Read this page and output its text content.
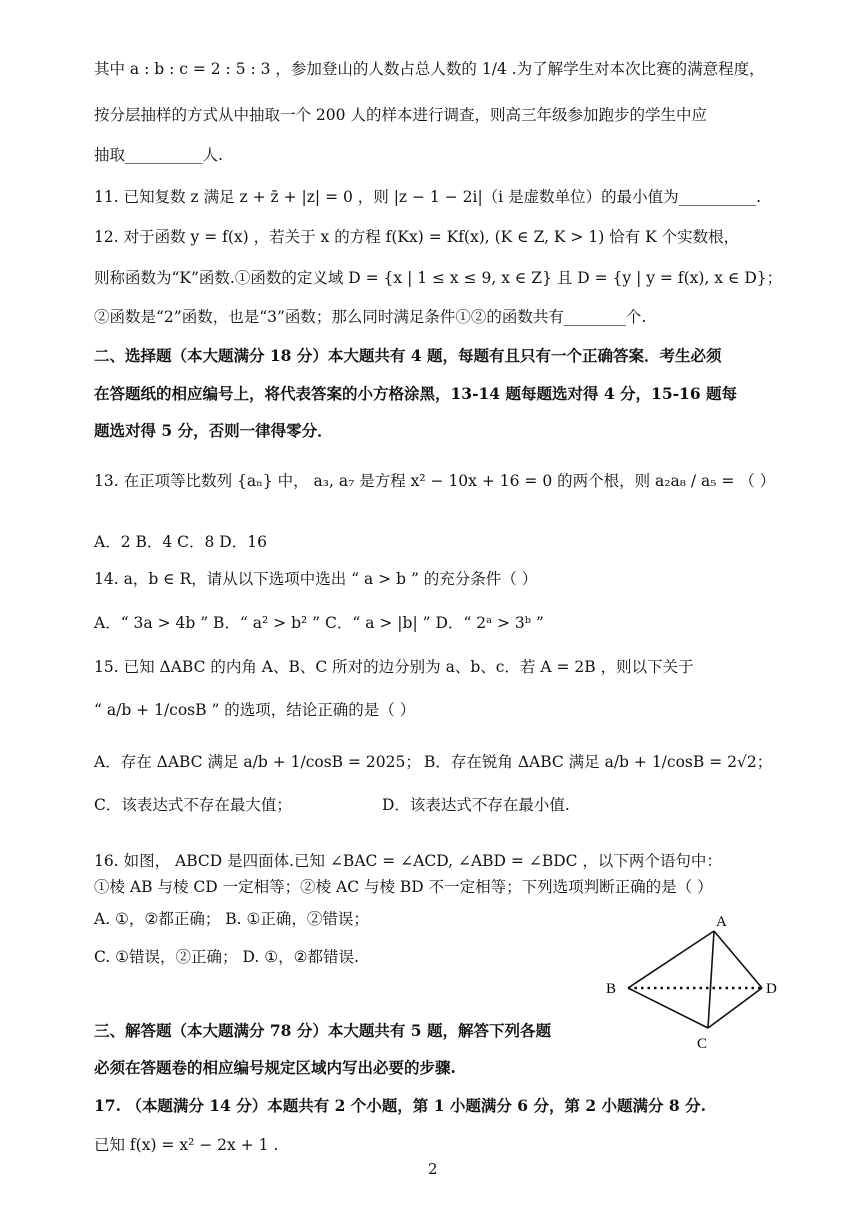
其中 a : b : c = 2 : 5 : 3 ，参加登山的人数占总人数的 1/4 .为了解学生对本次比赛的满意程度，
按分层抽样的方式从中抽取一个 200 人的样本进行调查，则高三年级参加跑步的学生中应
抽取__________人.
11. 已知复数 z 满足 z + z̄ + |z| = 0 ，则 |z − 1 − 2i|（i 是虚数单位）的最小值为__________.
12. 对于函数 y = f(x) ，若关于 x 的方程 f(Kx) = Kf(x), (K ∈ Z, K > 1) 恰有 K 个实数根，
则称函数为“K”函数.①函数的定义域 D = {x | 1 ≤ x ≤ 9, x ∈ Z} 且 D = {y | y = f(x), x ∈ D}；
②函数是“2”函数，也是“3”函数；那么同时满足条件①②的函数共有________个.
二、选择题（本大题满分 18 分）本大题共有 4 题，每题有且只有一个正确答案．考生必须
在答题纸的相应编号上，将代表答案的小方格涂黑，13-14 题每题选对得 4 分，15-16 题每
题选对得 5 分，否则一律得零分．
13. 在正项等比数列 {aₙ} 中， a₃, a₇ 是方程 x² − 10x + 16 = 0 的两个根，则 a₂a₈ / a₅ = （ ）
A．2 B．4 C．8 D．16
14. a，b ∈ R，请从以下选项中选出 “ a > b ” 的充分条件（ ）
A．“ 3a > 4b ” B．“ a² > b² ” C．“ a > |b| ” D．“ 2ᵃ > 3ᵇ ”
15. 已知 ΔABC 的内角 A、B、C 所对的边分别为 a、b、c．若 A = 2B ，则以下关于
“ a/b + 1/cosB ” 的选项，结论正确的是（ ）
A．存在 ΔABC 满足 a/b + 1/cosB = 2025； B．存在锐角 ΔABC 满足 a/b + 1/cosB = 2√2；
C．该表达式不存在最大值；	D．该表达式不存在最小值.
16. 如图， ABCD 是四面体.已知 ∠BAC = ∠ACD, ∠ABD = ∠BDC ，以下两个语句中：
①棱 AB 与棱 CD 一定相等；②棱 AC 与棱 BD 不一定相等；下列选项判断正确的是（ ）
A. ①，②都正确； B. ①正确，②错误；
C. ①错误，②正确； D. ①，②都错误.
A
B	D
C
三、解答题（本大题满分 78 分）本大题共有 5 题，解答下列各题
必须在答题卷的相应编号规定区域内写出必要的步骤.
17. （本题满分 14 分）本题共有 2 个小题，第 1 小题满分 6 分，第 2 小题满分 8 分.
已知 f(x) = x² − 2x + 1 .
2
